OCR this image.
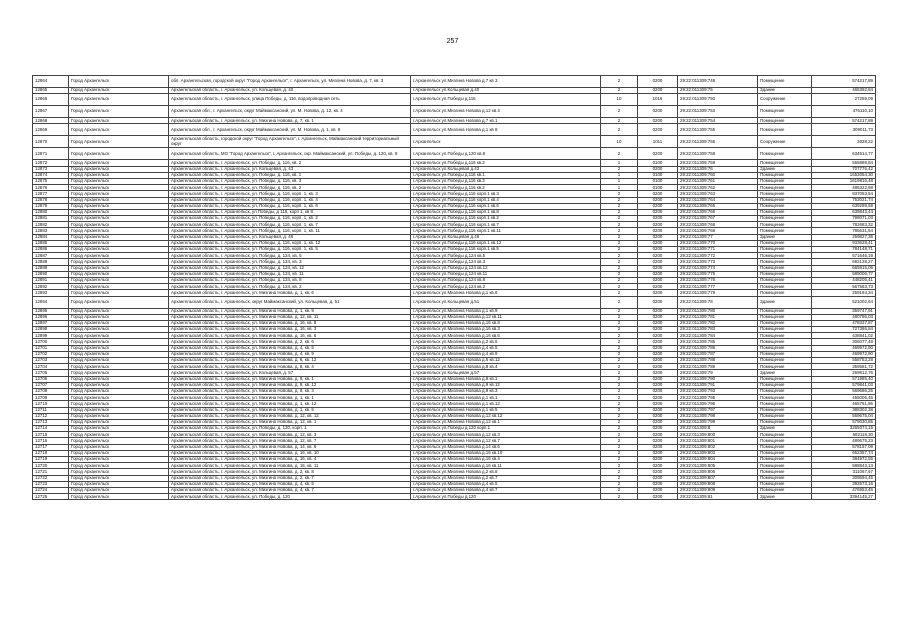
257
12864	Город Архангельск	обл. Архангельская, городской округ "Город Архангельск", г. Архангельск, ул. Мизгина Новова, д. 7, кв. 3	г.Архангельск ул.Мизгина Нoвова д.7 кв 3	2	0200	29:22:011309:748	Помещение	574217,89
12865	Город Архангельск	Архангельская область, г. Архангельск, ул. Кольцевая, д. 40	г.Архангельск ул.Кольцевая д.40	2	0200	29:22:011309:75	Здание	465392,84
12866	Город Архангельск	Архангельская область, г. Архангельск, улица Победы, д. 116, водопроводная сеть	г.Архангельск ул.Победы д.116	10	1016	29:22:011309:750	Сооружение	27259,09
12867	Город Архангельск	Архангельская обл., г. Архангельск, округ Маймаксанский, ул. М. Новова, д. 12, кв. 4	г.Архангельск ул.Мизгина Новова д.12 кв.4	2	0200	29:22:011309:753	Помещение	476110,10
12868	Город Архангельск	Архангельская область, г. Архангельск, ул. Мизгина Новова, д. 7, кв. 1	г.Архангельск ул.Мизгина Новова д.7 кв.1	2	0200	29:22:011309:754	Помещение	574217,89
12869	Город Архангельск	Архангельская обл., г. Архангельск, округ Маймаксанский, ул. М. Новова, д. 1, кв. 8	г.Архангельск ул.Мизгина Новова д.1 кв 8	2	0200	29:22:011309:755	Помещение	309011,73
12870	Город Архангельск	Архангельская область, городской округ "Город Архангельск", г. Архангельск, Маймаксанский территориальный округ	г.Архангельск	10	1011	29:22:011309:756	Сооружение	3028,22
12871	Город Архангельск	Архангельская область, МО "Город Архангельск", г. Архангельск, окр. Маймаксанский, ул. Победы, д. 120, кв. 8	г.Архангельск ул.Победы д.120 кв.8	2	0200	29:22:011309:758	Помещение	634514,77
12872	Город Архангельск	Архангельская область, г. Архангельск, ул. Победы, д. 116, кв. 2	г.Архангельск ул.Победы д.116 кв.2	1	0100	29:22:011309:759	Помещение	555888,84
12873	Город Архангельск	Архангельская область, г. Архангельск, ул. Кольцевая, д. 43	г.Архангельск ул.Кольцевая д.43	2	0200	29:22:011309:76	Здание	707776,42
12874	Город Архангельск	Архангельская область, г. Архангельск, ул. Победы, д. 116, кв. 1	г.Архангельск ул.Победы д.116 кв.1	1	0100	29:22:011309:760	Помещение	1653054,30
12875	Город Архангельск	Архангельская область, г. Архангельск, ул. Победы, д. 116, кв. 3	г.Архангельск ул.Победы д.116 кв.3	1	0100	29:22:011309:761	Помещение	1619816,48
12876	Город Архангельск	Архангельская область, г. Архангельск, ул. Победы, д. 116, кв. 2	г.Архангельск ул.Победы д.116 кв.2	1	0100	29:22:011309:762	Помещение	485322,68
12877	Город Архангельск	Архангельская область, г. Архангельск, ул. Победы, д. 116, корп. 1, кв. 3	г.Архангельск ул.Победы д.116 корп.1 кв.3	2	0200	29:22:011309:763	Помещение	937053,54
12878	Город Архангельск	Архангельская область, г. Архангельск, ул. Победы, д. 116, корп. 1, кв. 4	г.Архангельск ул.Победы д.116 корп.1 кв.4	2	0200	29:22:011309:764	Помещение	753021,74
12879	Город Архангельск	Архангельская область, г. Архангельск, ул. Победы, д. 116, корп. 1, кв. 6	г.Архангельск ул.Победы д.116 корп.1 кв.6	2	0200	29:22:011309:765	Помещение	639289,59
12880	Город Архангельск	Архангельская область, г. Архангельск, ул Победы, д 116, корп 1, кв 8	г.Архангельск ул.Победы д.116 корп.1 кв.8	2	0200	29:22:011309:766	Помещение	639843,44
12881	Город Архангельск	Архангельская область, г. Архангельск, ул. Победы, д. 116, корп. 1, кв. 2	г.Архангельск ул.Победы д.116 корп.1 кв.2	2	0200	29:22:011309:767	Помещение	798071,03
12882	Город Архангельск	Архангельская область, г. Архангельск, ул. Победы, д. 116, корп. 1, кв. 7	г.Архангельск ул.Победы д.116 корп.1 кв.7	2	0200	29:22:011309:768	Помещение	782683,32
12883	Город Архангельск	Архангельская область, г. Архангельск, ул. Победы, д. 116, корп. 1, кв. 11	г.Архангельск ул.Победы д.116 корп.1 кв.11	2	0200	29:22:011309:769	Помещение	785631,54
12884	Город Архангельск	Архангельская область, г. Архангельск, ул. Кольцевая, д. 46	г.Архангельск ул.Кольцевая д.46	2	0200	29:22:011309:77	Здание	259827,35
12885	Город Архангельск	Архангельская область, г. Архангельск, ул. Победы, д. 116, корп. 1, кв. 12	г.Архангельск ул.Победы д.116 корп.1 кв.12	2	0200	29:22:011309:770	Помещение	933628,41
12886	Город Архангельск	Архангельская область, г. Архангельск, ул. Победы, д. 116, корп. 1, кв. 5	г.Архангельск ул.Победы д.116 корп.1 кв.5	2	0200	29:22:011309:771	Помещение	784148,71
12887	Город Архангельск	Архангельская область, г. Архангельск, ул. Победы, д. 124, кв. 5	г.Архангельск ул.Победы д.124 кв.5	2	0200	29:22:011309:772	Помещение	571646,19
12888	Город Архангельск	Архангельская область, г. Архангельск, ул. Победы, д. 124, кв. 3	г.Архангельск ул.Победы д.124 кв.3	2	0200	29:22:011309:773	Помещение	692128,27
12889	Город Архангельск	Архангельская область, г. Архангельск, ул. Победы, д. 124, кв. 12	г.Архангельск ул.Победы д.124 кв.12	2	0200	29:22:011309:774	Помещение	665915,05
12890	Город Архангельск	Архангельская область, г. Архангельск, ул. Победы, д. 124, кв. 11	г.Архангельск ул.Победы д.124 кв.11	2	0200	29:22:011309:775	Помещение	589006,77
12891	Город Архангельск	Архангельская область, г. Архангельск, ул. Победы, д. 124, кв. 8	г.Архангельск ул.Победы д.124 кв.8	2	0200	29:22:011309:776	Помещение	448205,41
12892	Город Архангельск	Архангельская область, г. Архангельск, ул. Победы, д. 124, кв. 2	г.Архангельск ул.Победы д.124 кв.2	2	0200	29:22:011309:777	Помещение	567563,73
12893	Город Архангельск	Архангельская область, г. Архангельск, ул. Мизгина Новова, д. 1, кв. 6	г.Архангельск ул.Мизгина Новова д.1 кв.6	2	0200	29:22:011309:778	Помещение	259184,34
12894	Город Архангельск	Архангельская область, г. Архангельск, округ Маймаксанский, ул. Кольцевая, д. 51	г.Архангельск ул.Кольцевая д.51	2	0200	29:22:011309:78	Здание	521002,64
12895	Город Архангельск	Архангельская область, г. Архангельск, ул. Мизгина Новова, д. 1, кв. 9	г.Архангельск ул.Мизгина Новова д.1 кв.9	2	0200	29:22:011309:780	Помещение	359747,91
12896	Город Архангельск	Архангельская область, г. Архангельск, ул. Мизгина Новова, д. 12, кв. 11	г.Архангельск ул.Мизгина Новова д.12 кв.11	2	0200	29:22:011309:781	Помещение	480795,03
12897	Город Архангельск	Архангельская область, г. Архангельск, ул. Мизгина Новова, д. 16, кв. 8	г.Архангельск ул.Мизгина Новова д.16 кв.8	2	0200	29:22:011309:782	Помещение	478337,87
12898	Город Архангельск	Архангельская область, г. Архангельск, ул. Мизгина Новова, д. 16, кв. 3	г.Архангельск ул.Мизгина Новова д.16 кв.3	2	0200	29:22:011309:783	Помещение	727386,84
12899	Город Архангельск	Архангельская область, г. Архангельск, ул. Мизгина Новова, д. 16, кв. 6	г.Архангельск ул.Мизгина Новова д.16 кв.6	2	0200	29:22:011309:784	Помещение	438841,02
12700	Город Архангельск	Архангельская область, г. Архангельск, ул. Мизгина Новова, д. 2, кв. 6	г.Архангельск ул.Мизгина Новова д.2 кв.6	2	0200	29:22:011309:785	Помещение	306077,48
12701	Город Архангельск	Архангельская область, г. Архангельск, ул. Мизгина Новова, д. 4, кв. 5	г.Архангельск ул.Мизгина Новова д.4 кв.5	2	0200	29:22:011309:786	Помещение	469972,90
12702	Город Архангельск	Архангельская область, г. Архангельск, ул. Мизгина Новова, д. 4, кв. 9	г.Архангельск ул.Мизгина Новова д.4 кв.9	2	0200	29:22:011309:787	Помещение	469972,90
12703	Город Архангельск	Архангельская область, г. Архангельск, ул. Мизгина Новова, д. 6, кв. 12	г.Архангельск ул.Мизгина Новова д.6 кв.12	2	0200	29:22:011309:788	Помещение	558753,28
12704	Город Архангельск	Архангельская область, г. Архангельск, ул. Мизгина Новова, д. 8, кв. 4	г.Архангельск ул.Мизгина Новова д.8 кв.4	2	0200	29:22:011309:789	Помещение	359581,72
12705	Город Архангельск	Архангельская область, г. Архангельск, ул. Кольцевая, д. 57	г.Архангельск ул.Кольцевая д.57	2	0200	29:22:011309:79	Здание	269812,76
12706	Город Архангельск	Архангельская область, г. Архангельск, ул. Мизгина Новова, д. 9, кв. 1	г.Архангельск ул.Мизгина Новова д.9 кв.1	2	0200	29:22:011309:790	Помещение	571985,40
12707	Город Архангельск	Архангельская область, г. Архангельск, ул. Мизгина Новова, д. 9, кв. 12	г.Архангельск ул.Мизгина Новова д.9 кв.12	2	0200	29:22:011309:791	Помещение	579841,03
12708	Город Архангельск	Архангельская область, г. Архангельск, ул. Мизгина Новова, д. 9, кв. 3	г.Архангельск ул.Мизгина Новова д.9 кв.3	2	0200	29:22:011309:793	Помещение	569686,25
12709	Город Архангельск	Архангельская область, г. Архангельск, ул. Мизгина Новова, д. 1, кв. 1	г.Архангельск ул.Мизгина Новова д.1 кв.1	2	0200	29:22:011309:795	Помещение	455006,45
12710	Город Архангельск	Архангельская область, г. Архангельск, ул. Мизгина Новова, д. 1, кв. 12	г.Архангельск ул.Мизгина Новова д.1 кв.12	2	0200	29:22:011309:796	Помещение	465761,86
12711	Город Архангельск	Архангельская область, г. Архангельск, ул. Мизгина Новова, д. 1, кв. 5	г.Архангельск ул.Мизгина Новова д.1 кв.5	2	0200	29:22:011309:797	Помещение	388302,38
12712	Город Архангельск	Архангельская область, г. Архангельск, ул. Мизгина Новова, д. 12, кв. 12	г.Архангельск ул.Мизгина Новова д.12 кв.12	2	0200	29:22:011309:798	Помещение	569675,04
12713	Город Архангельск	Архангельская область, г. Архангельск, ул. Мизгина Новова, д. 12, кв. 1	г.Архангельск ул.Мизгина Новова д.12 кв.1	2	0200	29:22:011309:799	Помещение	579030,85
12714	Город Архангельск	Архангельская область, г. Архангельск, ул. Победы, д. 120, корп. 1	г.Архангельск ул.Победы д.120 корп.1	2	0200	29:22:011309:8	Здание	3265074,15
12715	Город Архангельск	Архангельская область, г. Архангельск, ул. Мизгина Новова, д. 12, кв. 3	г.Архангельск ул.Мизгина Новова д.12 кв.3	2	0200	29:22:011309:800	Помещение	582118,30
12716	Город Архангельск	Архангельская область, г. Архангельск, ул. Мизгина Новова, д. 12, кв. 7	г.Архангельск ул.Мизгина Новова д.12 кв.7	2	0200	29:22:011309:801	Помещение	489675,23
12717	Город Архангельск	Архангельская область, г. Архангельск, ул. Мизгина Новова, д. 14, кв. 6	г.Архангельск ул.Мизгина Новова д.14 кв.6	2	0200	29:22:011309:802	Помещение	578157,09
12718	Город Архангельск	Архангельская область, г. Архангельск, ул. Мизгина Новова, д. 16, кв. 10	г.Архангельск ул.Мизгина Новова д.16 кв.10	2	0200	29:22:011309:803	Помещение	652357,74
12719	Город Архангельск	Архангельская область, г. Архангельск, ул. Мизгина Новова, д. 16, кв. 4	г.Архангельск ул.Мизгина Новова д.16 кв.4	2	0200	29:22:011309:804	Помещение	384972,55
12720	Город Архангельск	Архангельская область, г. Архангельск, ул. Мизгина Новова, д. 16, кв. 11	г.Архангельск ул.Мизгина Новова д.16 кв.11	2	0200	29:22:011309:805	Помещение	588843,13
12721	Город Архангельск	Архангельская область, г. Архангельск, ул. Мизгина Новова, д. 2, кв. 8	г.Архангельск ул.Мизгина Новова д.2 кв.8	2	0200	29:22:011309:806	Помещение	311067,67
12722	Город Архангельск	Архангельская область, г. Архангельск, ул. Мизгина Новова, д. 2, кв. 7	г.Архангельск ул.Мизгина Новова д.2 кв.7	2	0200	29:22:011309:807	Помещение	309594,45
12723	Город Архангельск	Архангельская область, г. Архангельск, ул. Мизгина Новова, д. 4, кв. 5	г.Архангельск ул.Мизгина Новова д.4 кв.5	2	0200	29:22:011309:808	Помещение	392573,16
12724	Город Архангельск	Архангельская область, г. Архангельск, ул. Мизгина Новова, д. 4, кв. 7	г.Архангельск ул.Мизгина Новова д.4 кв.7	2	0200	29:22:011309:809	Помещение	476953,45
12725	Город Архангельск	Архангельская область, г. Архангельск, ул. Победы, д. 120	г.Архангельск ул.Победы д.120	2	0200	29:22:011309:81	Здание	3394145,27
